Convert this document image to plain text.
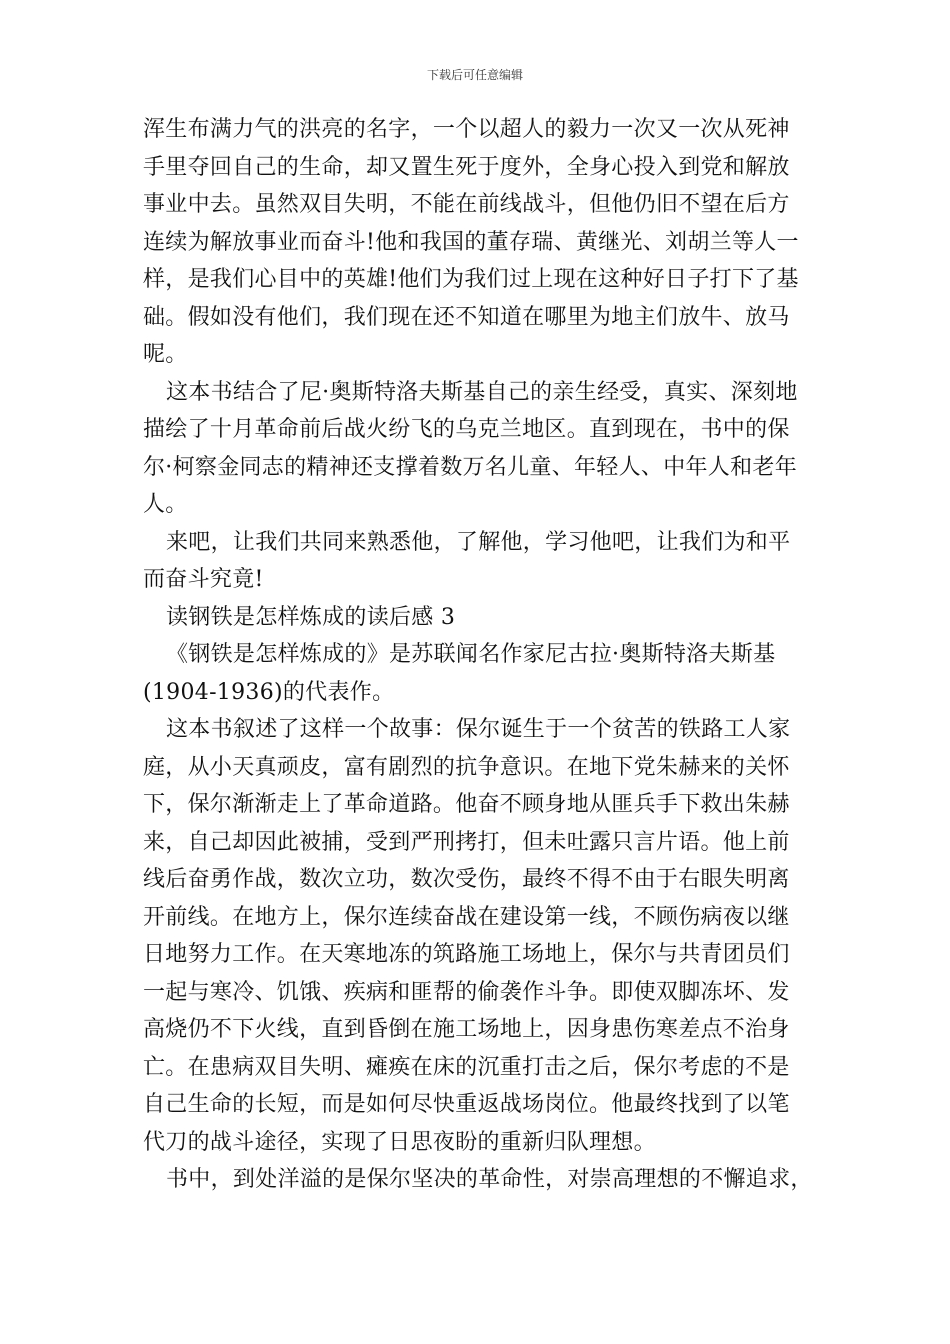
下载后可任意编辑
浑生布满力气的洪亮的名字，一个以超人的毅力一次又一次从死神
手里夺回自己的生命，却又置生死于度外，全身心投入到党和解放
事业中去。虽然双目失明，不能在前线战斗，但他仍旧不望在后方
连续为解放事业而奋斗!他和我国的董存瑞、黄继光、刘胡兰等人一
样，是我们心目中的英雄!他们为我们过上现在这种好日子打下了基
础。假如没有他们，我们现在还不知道在哪里为地主们放牛、放马
呢。
这本书结合了尼·奥斯特洛夫斯基自己的亲生经受，真实、深刻地
描绘了十月革命前后战火纷飞的乌克兰地区。直到现在，书中的保
尔·柯察金同志的精神还支撑着数万名儿童、年轻人、中年人和老年
人。
来吧，让我们共同来熟悉他，了解他，学习他吧，让我们为和平
而奋斗究竟!
读钢铁是怎样炼成的读后感 3
《钢铁是怎样炼成的》是苏联闻名作家尼古拉·奥斯特洛夫斯基
(1904-1936)的代表作。
这本书叙述了这样一个故事：保尔诞生于一个贫苦的铁路工人家
庭，从小天真顽皮，富有剧烈的抗争意识。在地下党朱赫来的关怀
下，保尔渐渐走上了革命道路。他奋不顾身地从匪兵手下救出朱赫
来，自己却因此被捕，受到严刑拷打，但未吐露只言片语。他上前
线后奋勇作战，数次立功，数次受伤，最终不得不由于右眼失明离
开前线。在地方上，保尔连续奋战在建设第一线，不顾伤病夜以继
日地努力工作。在天寒地冻的筑路施工场地上，保尔与共青团员们
一起与寒冷、饥饿、疾病和匪帮的偷袭作斗争。即使双脚冻坏、发
高烧仍不下火线，直到昏倒在施工场地上，因身患伤寒差点不治身
亡。在患病双目失明、瘫痪在床的沉重打击之后，保尔考虑的不是
自己生命的长短，而是如何尽快重返战场岗位。他最终找到了以笔
代刀的战斗途径，实现了日思夜盼的重新归队理想。
书中，到处洋溢的是保尔坚决的革命性，对崇高理想的不懈追求，
